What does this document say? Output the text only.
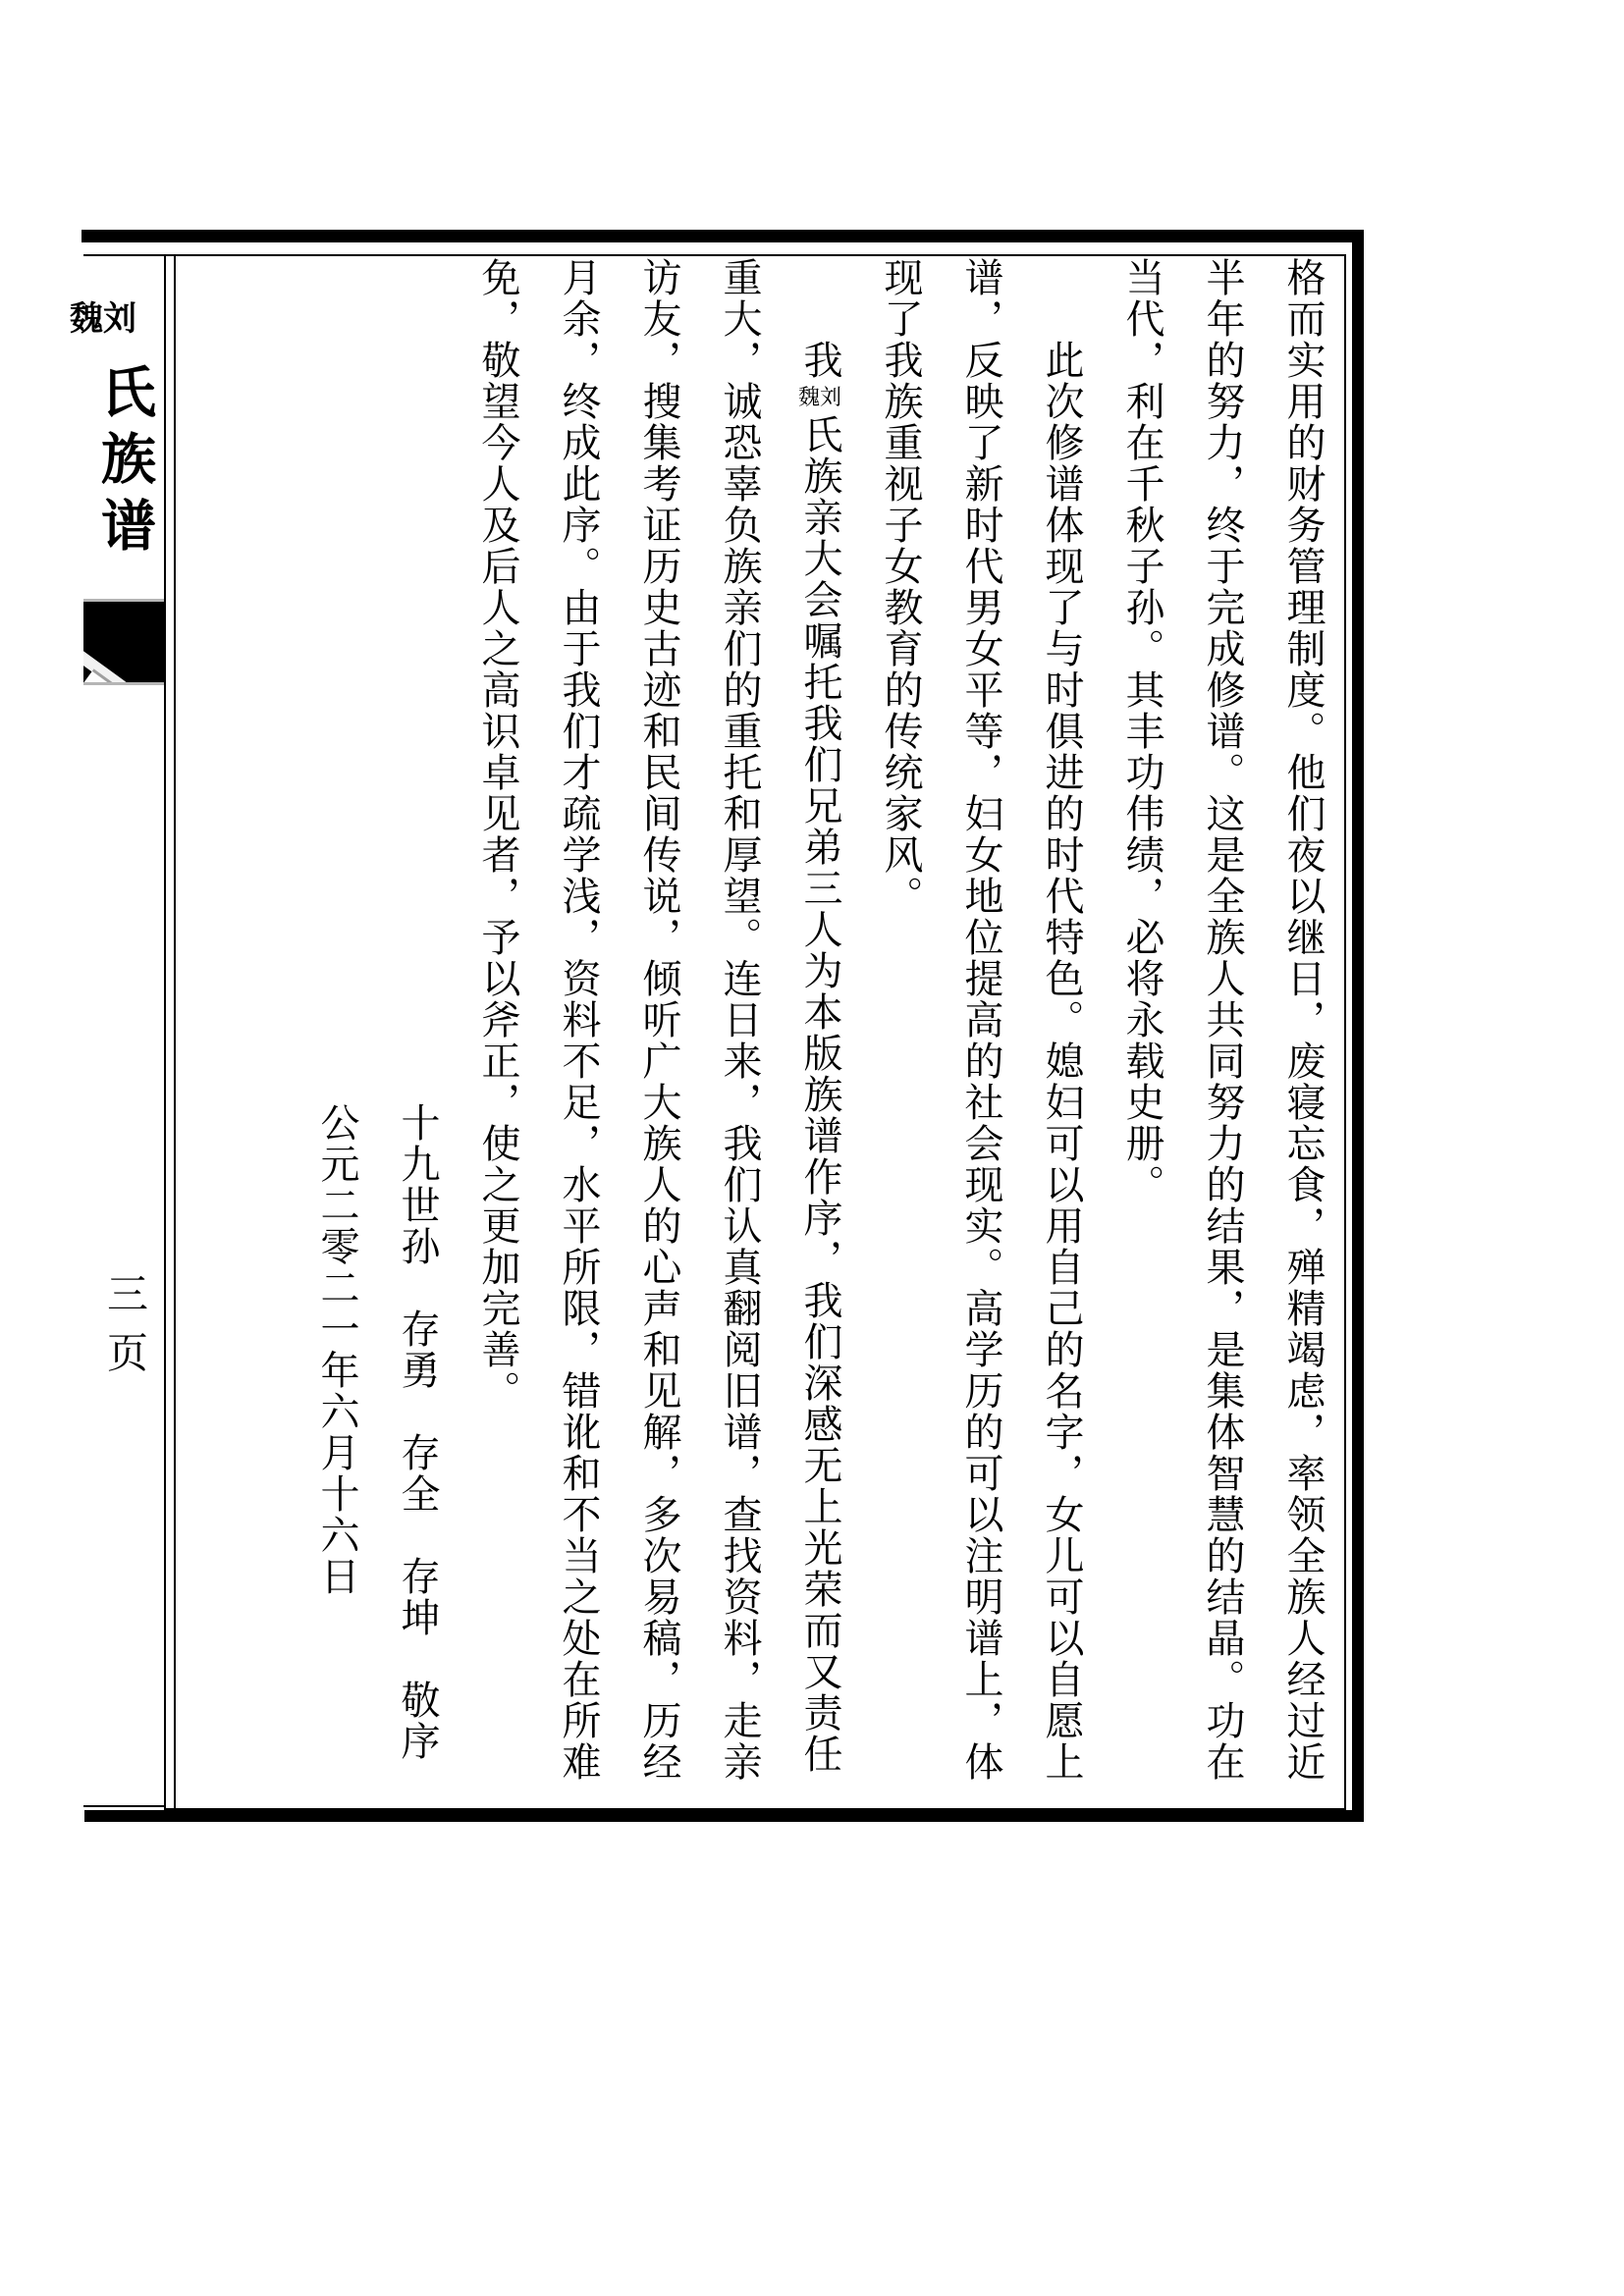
魏刘
氏族谱
三页	格而实用的财务管理制度。他们夜以继日，废寝忘食，殚精竭虑，率领全族人经过近
半年的努力，终于完成修谱。这是全族人共同努力的结果，是集体智慧的结晶。功在
当代，利在千秋子孙。其丰功伟绩，必将永载史册。
此次修谱体现了与时俱进的时代特色。媳妇可以用自己的名字，女儿可以自愿上
谱，反映了新时代男女平等，妇女地位提高的社会现实。高学历的可以注明谱上，体
现了我族重视子女教育的传统家风。
我魏刘氏族亲大会嘱托我们兄弟三人为本版族谱作序，我们深感无上光荣而又责任
重大，诚恐辜负族亲们的重托和厚望。连日来，我们认真翻阅旧谱，查找资料，走亲
访友，搜集考证历史古迹和民间传说，倾听广大族人的心声和见解，多次易稿，历经
月余，终成此序。由于我们才疏学浅，资料不足，水平所限，错讹和不当之处在所难
免，敬望今人及后人之高识卓见者，予以斧正，使之更加完善。
十九世孙　存勇　存全　存坤　敬序
公元二零二一年六月十六日
